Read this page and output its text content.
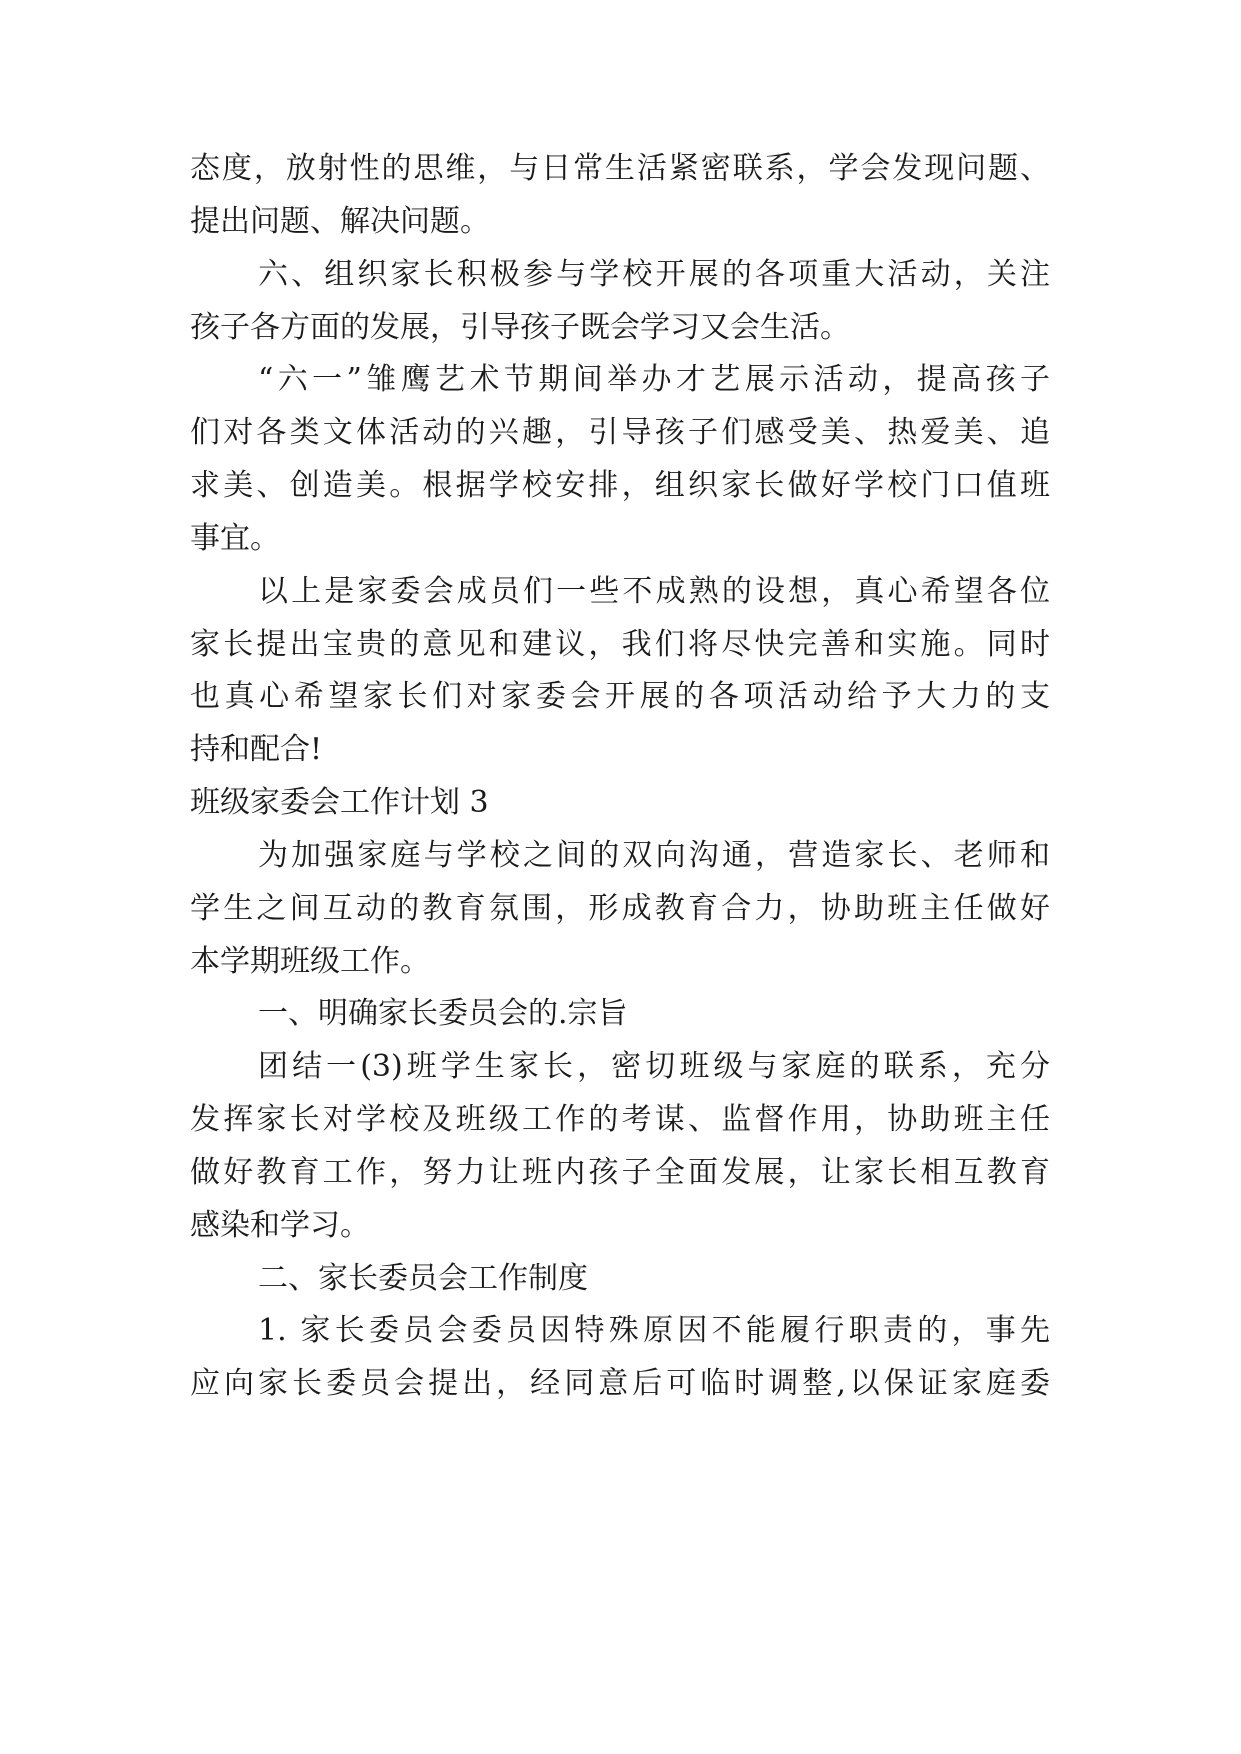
态度，放射性的思维，与日常生活紧密联系，学会发现问题、

提出问题、解决问题。

六、组织家长积极参与学校开展的各项重大活动，关注

孩子各方面的发展，引导孩子既会学习又会生活。

“六一”雏鹰艺术节期间举办才艺展示活动，提高孩子

们对各类文体活动的兴趣，引导孩子们感受美、热爱美、追

求美、创造美。根据学校安排，组织家长做好学校门口值班

事宜。

以上是家委会成员们一些不成熟的设想，真心希望各位

家长提出宝贵的意见和建议，我们将尽快完善和实施。同时

也真心希望家长们对家委会开展的各项活动给予大力的支

持和配合!

班级家委会工作计划 3

为加强家庭与学校之间的双向沟通，营造家长、老师和

学生之间互动的教育氛围，形成教育合力，协助班主任做好

本学期班级工作。

一、明确家长委员会的.宗旨

团结一(3)班学生家长，密切班级与家庭的联系，充分

发挥家长对学校及班级工作的考谋、监督作用，协助班主任

做好教育工作，努力让班内孩子全面发展，让家长相互教育

感染和学习。

二、家长委员会工作制度

1. 家长委员会委员因特殊原因不能履行职责的，事先

应向家长委员会提出，经同意后可临时调整,以保证家庭委
